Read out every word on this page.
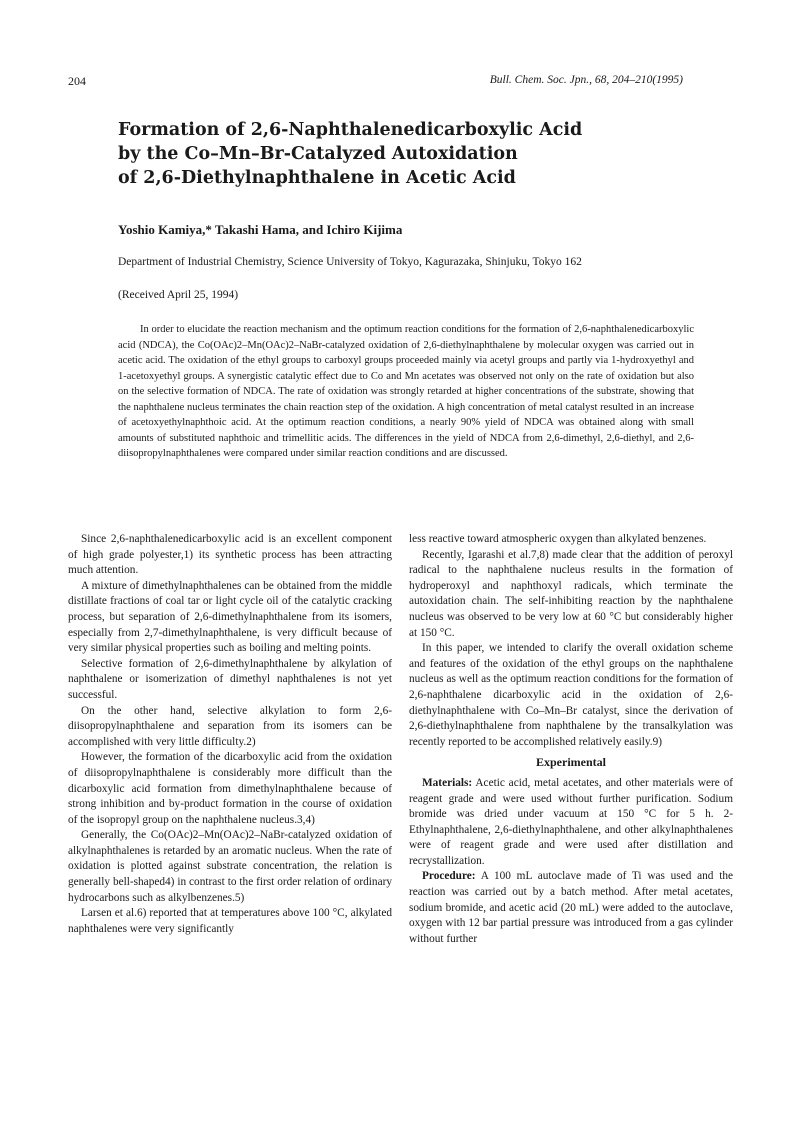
204	Bull. Chem. Soc. Jpn., 68, 204–210(1995)
Formation of 2,6-Naphthalenedicarboxylic Acid
by the Co–Mn–Br-Catalyzed Autoxidation
of 2,6-Diethylnaphthalene in Acetic Acid
Yoshio Kamiya,* Takashi Hama, and Ichiro Kijima
Department of Industrial Chemistry, Science University of Tokyo, Kagurazaka, Shinjuku, Tokyo 162
(Received April 25, 1994)

In order to elucidate the reaction mechanism and the optimum reaction conditions for the formation of 2,6-naphthalenedicarboxylic acid (NDCA), the Co(OAc)2–Mn(OAc)2–NaBr-catalyzed oxidation of 2,6-diethylnaphthalene by molecular oxygen was carried out in acetic acid. The oxidation of the ethyl groups to carboxyl groups proceeded mainly via acetyl groups and partly via 1-hydroxyethyl and 1-acetoxyethyl groups. A synergistic catalytic effect due to Co and Mn acetates was observed not only on the rate of oxidation but also on the selective formation of NDCA. The rate of oxidation was strongly retarded at higher concentrations of the substrate, showing that the naphthalene nucleus terminates the chain reaction step of the oxidation. A high concentration of metal catalyst resulted in an increase of acetoxyethylnaphthoic acid. At the optimum reaction conditions, a nearly 90% yield of NDCA was obtained along with small amounts of substituted naphthoic and trimellitic acids. The differences in the yield of NDCA from 2,6-dimethyl, 2,6-diethyl, and 2,6-diisopropylnaphthalenes were compared under similar reaction conditions and are discussed.

Since 2,6-naphthalenedicarboxylic acid is an excellent component of high grade polyester,1) its synthetic process has been attracting much attention.

A mixture of dimethylnaphthalenes can be obtained from the middle distillate fractions of coal tar or light cycle oil of the catalytic cracking process, but separation of 2,6-dimethylnaphthalene from its isomers, especially from 2,7-dimethylnaphthalene, is very difficult because of very similar physical properties such as boiling and melting points.

Selective formation of 2,6-dimethylnaphthalene by alkylation of naphthalene or isomerization of dimethyl naphthalenes is not yet successful.

On the other hand, selective alkylation to form 2,6-diisopropylnaphthalene and separation from its isomers can be accomplished with very little difficulty.2)

However, the formation of the dicarboxylic acid from the oxidation of diisopropylnaphthalene is considerably more difficult than the dicarboxylic acid formation from dimethylnaphthalene because of strong inhibition and by-product formation in the course of oxidation of the isopropyl group on the naphthalene nucleus.3,4)

Generally, the Co(OAc)2–Mn(OAc)2–NaBr-catalyzed oxidation of alkylnaphthalenes is retarded by an aromatic nucleus. When the rate of oxidation is plotted against substrate concentration, the relation is generally bell-shaped4) in contrast to the first order relation of ordinary hydrocarbons such as alkylbenzenes.5)

Larsen et al.6) reported that at temperatures above 100 °C, alkylated naphthalenes were very significantly

less reactive toward atmospheric oxygen than alkylated benzenes.

Recently, Igarashi et al.7,8) made clear that the addition of peroxyl radical to the naphthalene nucleus results in the formation of hydroperoxyl and naphthoxyl radicals, which terminate the autoxidation chain. The self-inhibiting reaction by the naphthalene nucleus was observed to be very low at 60 °C but considerably higher at 150 °C.

In this paper, we intended to clarify the overall oxidation scheme and features of the oxidation of the ethyl groups on the naphthalene nucleus as well as the optimum reaction conditions for the formation of 2,6-naphthalene dicarboxylic acid in the oxidation of 2,6-diethylnaphthalene with Co–Mn–Br catalyst, since the derivation of 2,6-diethylnaphthalene from naphthalene by the transalkylation was recently reported to be accomplished relatively easily.9)

Experimental

Materials: Acetic acid, metal acetates, and other materials were of reagent grade and were used without further purification. Sodium bromide was dried under vacuum at 150 °C for 5 h. 2-Ethylnaphthalene, 2,6-diethylnaphthalene, and other alkylnaphthalenes were of reagent grade and were used after distillation and recrystallization.

Procedure: A 100 mL autoclave made of Ti was used and the reaction was carried out by a batch method. After metal acetates, sodium bromide, and acetic acid (20 mL) were added to the autoclave, oxygen with 12 bar partial pressure was introduced from a gas cylinder without further
